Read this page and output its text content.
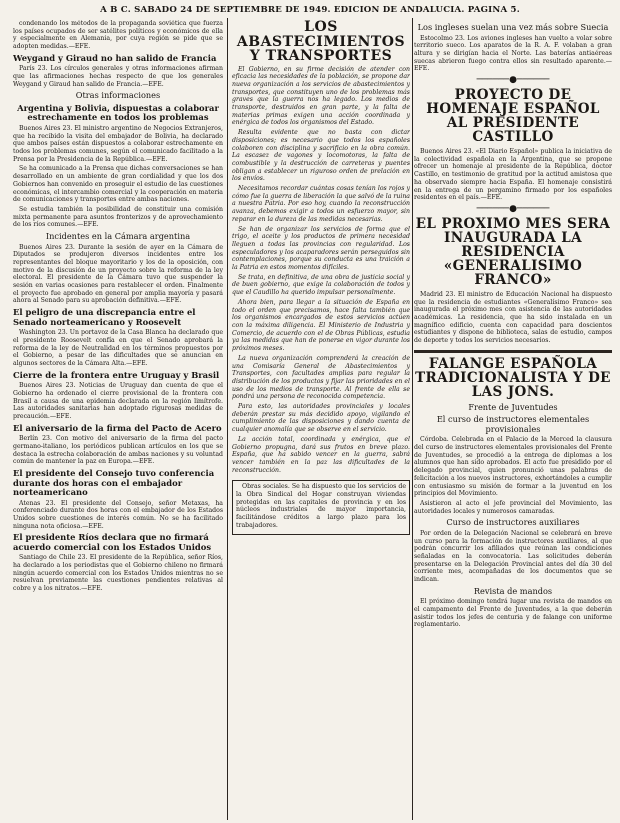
A B C. SABADO 24 DE SEPTIEMBRE DE 1949. EDICION DE ANDALUCIA. PAGINA 5.

condenando los métodos de la propaganda soviética que fuerza los países ocupados de ser satélites políticos y económicos de ella y especialmente en Alemania, por cuya región se pide que se adopten medidas.—EFE.

Weygand y Giraud no han salido de Francia

París 23. Los círculos generales y otras informaciones afirman que las afirmaciones hechas respecto de que los generales Weygand y Giraud han salido de Francia.—EFE.

Otras informaciones
Argentina y Bolivia, dispuestas a colaborar estrechamente en todos los problemas

Buenos Aires 23. El ministro argentino de Negocios Extranjeros, que ha recibido la visita del embajador de Bolivia, ha declarado que ambos países están dispuestos a colaborar estrechamente en todos los problemas comunes, según el comunicado facilitado a la Prensa por la Presidencia de la República.—EFE.

Se ha comunicado a la Prensa que dichas conversaciones se han desarrollado en un ambiente de gran cordialidad y que los dos Gobiernos han convenido en proseguir el estudio de las cuestiones económicas, el intercambio comercial y la cooperación en materia de comunicaciones y transportes entre ambas naciones.

Se estudia también la posibilidad de constituir una comisión mixta permanente para asuntos fronterizos y de aprovechamiento de los ríos comunes.—EFE.

Incidentes en la Cámara argentina

Buenos Aires 23. Durante la sesión de ayer en la Cámara de Diputados se produjeron diversos incidentes entre los representantes del bloque mayoritario y los de la oposición, con motivo de la discusión de un proyecto sobre la reforma de la ley electoral. El presidente de la Cámara tuvo que suspender la sesión en varias ocasiones para restablecer el orden. Finalmente el proyecto fue aprobado en general por amplia mayoría y pasará ahora al Senado para su aprobación definitiva.—EFE.

El peligro de una discrepancia entre el Senado norteamericano y Roosevelt

Washington 23. Un portavoz de la Casa Blanca ha declarado que el presidente Roosevelt confía en que el Senado aprobará la reforma de la ley de Neutralidad en los términos propuestos por el Gobierno, a pesar de las dificultades que se anuncian en algunos sectores de la Cámara Alta.—EFE.

Cierre de la frontera entre Uruguay y Brasil

Buenos Aires 23. Noticias de Uruguay dan cuenta de que el Gobierno ha ordenado el cierre provisional de la frontera con Brasil a causa de una epidemia declarada en la región limítrofe. Las autoridades sanitarias han adoptado rigurosas medidas de precaución.—EFE.

El aniversario de la firma del Pacto de Acero

Berlín 23. Con motivo del aniversario de la firma del pacto germano-italiano, los periódicos publican artículos en los que se destaca la estrecha colaboración de ambas naciones y su voluntad común de mantener la paz en Europa.—EFE.

El presidente del Consejo tuvo conferencia durante dos horas con el embajador norteamericano

Atenas 23. El presidente del Consejo, señor Metaxas, ha conferenciado durante dos horas con el embajador de los Estados Unidos sobre cuestiones de interés común. No se ha facilitado ninguna nota oficiosa.—EFE.

El presidente Ríos declara que no firmará acuerdo comercial con los Estados Unidos

Santiago de Chile 23. El presidente de la República, señor Ríos, ha declarado a los periodistas que el Gobierno chileno no firmará ningún acuerdo comercial con los Estados Unidos mientras no se resuelvan previamente las cuestiones pendientes relativas al cobre y a los nitratos.—EFE.

LOS ABASTECIMIENTOS Y TRANSPORTES

El Gobierno, en su firme decisión de atender con eficacia las necesidades de la población, se propone dar nueva organización a los servicios de abastecimientos y transportes, que constituyen uno de los problemas más graves que la guerra nos ha legado. Los medios de transporte, destruidos en gran parte, y la falta de materias primas exigen una acción coordinada y enérgica de todos los organismos del Estado.

Resulta evidente que no basta con dictar disposiciones; es necesario que todos los españoles colaboren con disciplina y sacrificio en la obra común. La escasez de vagones y locomotoras, la falta de combustible y la destrucción de carreteras y puentes obligan a establecer un riguroso orden de prelación en los envíos.

Necesitamos recordar cuántas cosas tenían los rojos y cómo fue la guerra de liberación la que salvó de la ruina a nuestra Patria. Por eso hoy, cuando la reconstrucción avanza, debemos exigir a todos un esfuerzo mayor, sin reparar en la dureza de las medidas necesarias.

Se han de organizar los servicios de forma que el trigo, el aceite y los productos de primera necesidad lleguen a todas las provincias con regularidad. Los especuladores y los acaparadores serán perseguidos sin contemplaciones, porque su conducta es una traición a la Patria en estos momentos difíciles.

Se trata, en definitiva, de una obra de justicia social y de buen gobierno, que exige la colaboración de todos y que el Caudillo ha querido impulsar personalmente.

Ahora bien, para llegar a la situación de España en todo el orden que precisamos, hace falta también que los organismos encargados de estos servicios actúen con la máxima diligencia. El Ministerio de Industria y Comercio, de acuerdo con el de Obras Públicas, estudia ya las medidas que han de ponerse en vigor durante los próximos meses.

La nueva organización comprenderá la creación de una Comisaría General de Abastecimientos y Transportes, con facultades amplias para regular la distribución de los productos y fijar las prioridades en el uso de los medios de transporte. Al frente de ella se pondrá una persona de reconocida competencia.

Para esto, las autoridades provinciales y locales deberán prestar su más decidido apoyo, vigilando el cumplimiento de las disposiciones y dando cuenta de cualquier anomalía que se observe en el servicio.

La acción total, coordinada y enérgica, que el Gobierno propugna, dará sus frutos en breve plazo. España, que ha sabido vencer en la guerra, sabrá vencer también en la paz las dificultades de la reconstrucción.

Obras sociales. Se ha dispuesto que los servicios de la Obra Sindical del Hogar construyan viviendas protegidas en las capitales de provincia y en los núcleos industriales de mayor importancia, facilitándose créditos a largo plazo para los trabajadores.

Los ingleses suelan una vez más sobre Suecia

Estocolmo 23. Los aviones ingleses han vuelto a volar sobre territorio sueco. Los aparatos de la R. A. F. volaban a gran altura y se dirigían hacia el Norte. Las baterías antiaéreas suecas abrieron fuego contra ellos sin resultado aparente.—EFE.

──────●──────
PROYECTO DE HOMENAJE ESPAÑOL AL PRESIDENTE CASTILLO

Buenos Aires 23. «El Diario Español» publica la iniciativa de la colectividad española en la Argentina, que se propone ofrecer un homenaje al presidente de la República, doctor Castillo, en testimonio de gratitud por la actitud amistosa que ha observado siempre hacia España. El homenaje consistirá en la entrega de un pergamino firmado por los españoles residentes en el país.—EFE.

──────●──────
EL PROXIMO MES SERA INAUGURADA LA RESIDENCIA «GENERALISIMO FRANCO»

Madrid 23. El ministro de Educación Nacional ha dispuesto que la residencia de estudiantes «Generalísimo Franco» sea inaugurada el próximo mes con asistencia de las autoridades académicas. La residencia, que ha sido instalada en un magnífico edificio, cuenta con capacidad para doscientos estudiantes y dispone de biblioteca, salas de estudio, campos de deporte y todos los servicios necesarios.

FALANGE ESPAÑOLA TRADICIONALISTA Y DE LAS JONS.
Frente de Juventudes
El curso de instructores elementales provisionales

Córdoba. Celebrada en el Palacio de la Merced la clausura del curso de instructores elementales provisionales del Frente de Juventudes, se procedió a la entrega de diplomas a los alumnos que han sido aprobados. El acto fue presidido por el delegado provincial, quien pronunció unas palabras de felicitación a los nuevos instructores, exhortándoles a cumplir con entusiasmo su misión de formar a la juventud en los principios del Movimiento.

Asistieron al acto el jefe provincial del Movimiento, las autoridades locales y numerosos camaradas.

Curso de instructores auxiliares

Por orden de la Delegación Nacional se celebrará en breve un curso para la formación de instructores auxiliares, al que podrán concurrir los afiliados que reúnan las condiciones señaladas en la convocatoria. Las solicitudes deberán presentarse en la Delegación Provincial antes del día 30 del corriente mes, acompañadas de los documentos que se indican.

Revista de mandos

El próximo domingo tendrá lugar una revista de mandos en el campamento del Frente de Juventudes, a la que deberán asistir todos los jefes de centuria y de falange con uniforme reglamentario.
